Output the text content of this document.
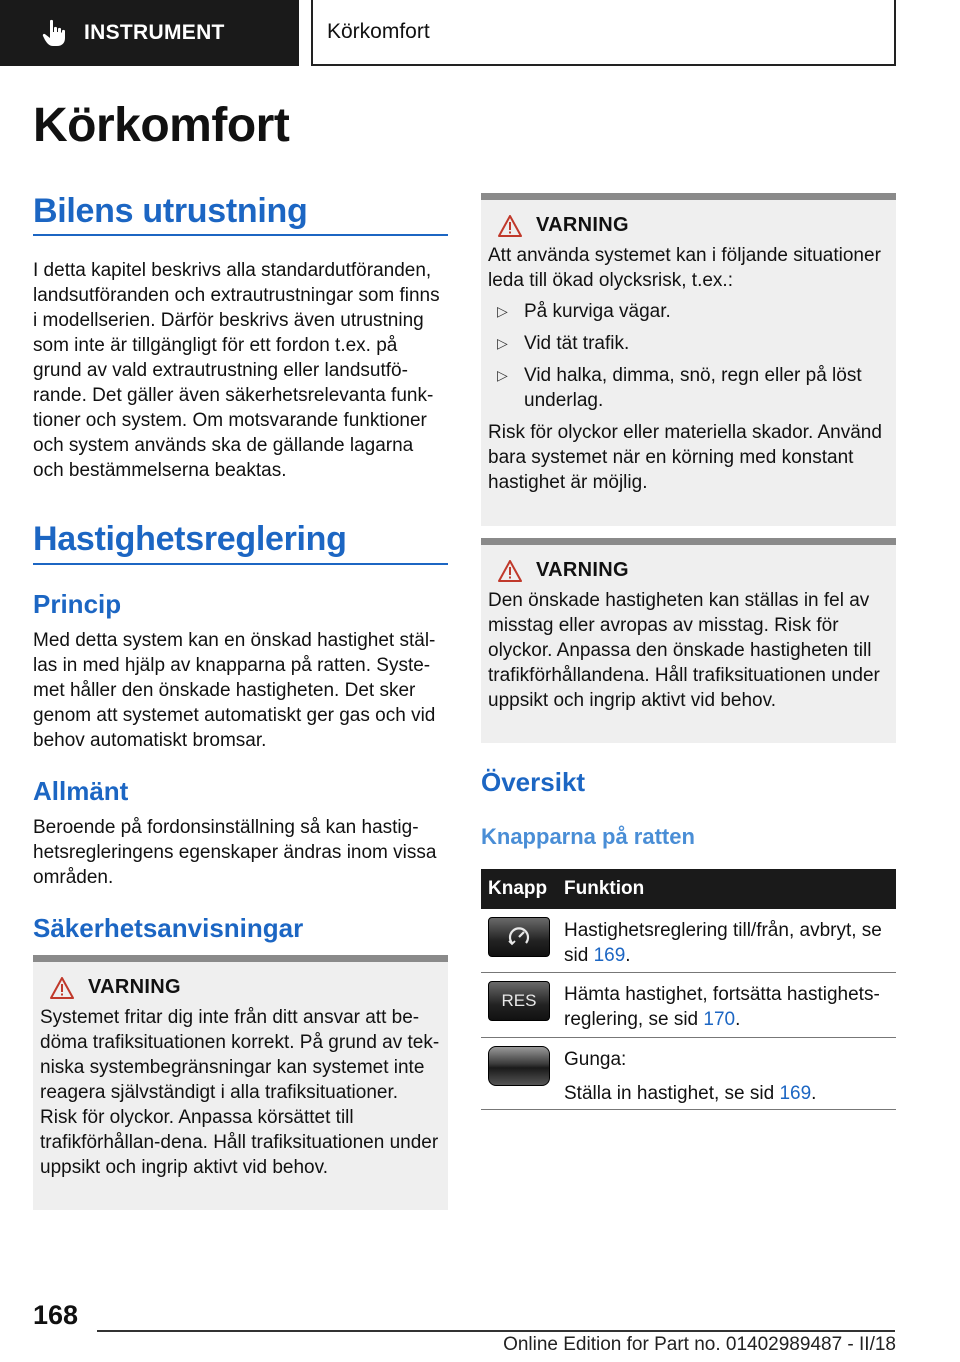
INSTRUMENT	Körkomfort
Körkomfort
Bilens utrustning

I detta kapitel beskrivs alla standardutföranden, landsutföranden och extrautrustningar som finns i modellserien. Därför beskrivs även utrustning som inte är tillgängligt för ett fordon t.ex. på grund av vald extrautrustning eller landsutfö-rande. Det gäller även säkerhetsrelevanta funk-tioner och system. Om motsvarande funktioner och system används ska de gällande lagarna och bestämmelserna beaktas.

Hastighetsreglering
Princip

Med detta system kan en önskad hastighet stäl-las in med hjälp av knapparna på ratten. Syste-met håller den önskade hastigheten. Det sker genom att systemet automatiskt ger gas och vid behov automatiskt bromsar.

Allmänt

Beroende på fordonsinställning så kan hastig-hetsregleringens egenskaper ändras inom vissa områden.

Säkerhetsanvisningar
VARNING

Systemet fritar dig inte från ditt ansvar att be-döma trafiksituationen korrekt. På grund av tek-niska systembegränsningar kan systemet inte reagera självständigt i alla trafiksituationer. Risk för olyckor. Anpassa körsättet till trafikförhållan-dena. Håll trafiksituationen under uppsikt och ingrip aktivt vid behov.

VARNING

Att använda systemet kan i följande situationer leda till ökad olycksrisk, t.ex.:

▷ På kurviga vägar.
▷ Vid tät trafik.
▷ Vid halka, dimma, snö, regn eller på löst underlag.

Risk för olyckor eller materiella skador. Använd bara systemet när en körning med konstant hastighet är möjlig.

VARNING

Den önskade hastigheten kan ställas in fel av misstag eller avropas av misstag. Risk för olyckor. Anpassa den önskade hastigheten till trafikförhållandena. Håll trafiksituationen under uppsikt och ingrip aktivt vid behov.

Översikt
Knapparna på ratten
Knapp Funktion
Hastighetsreglering till/från, avbryt, se sid 169.
RES	Hämta hastighet, fortsätta hastighets-reglering, se sid 170.
Gunga:
Ställa in hastighet, se sid 169.
168
Online Edition for Part no. 01402989487 - II/18
